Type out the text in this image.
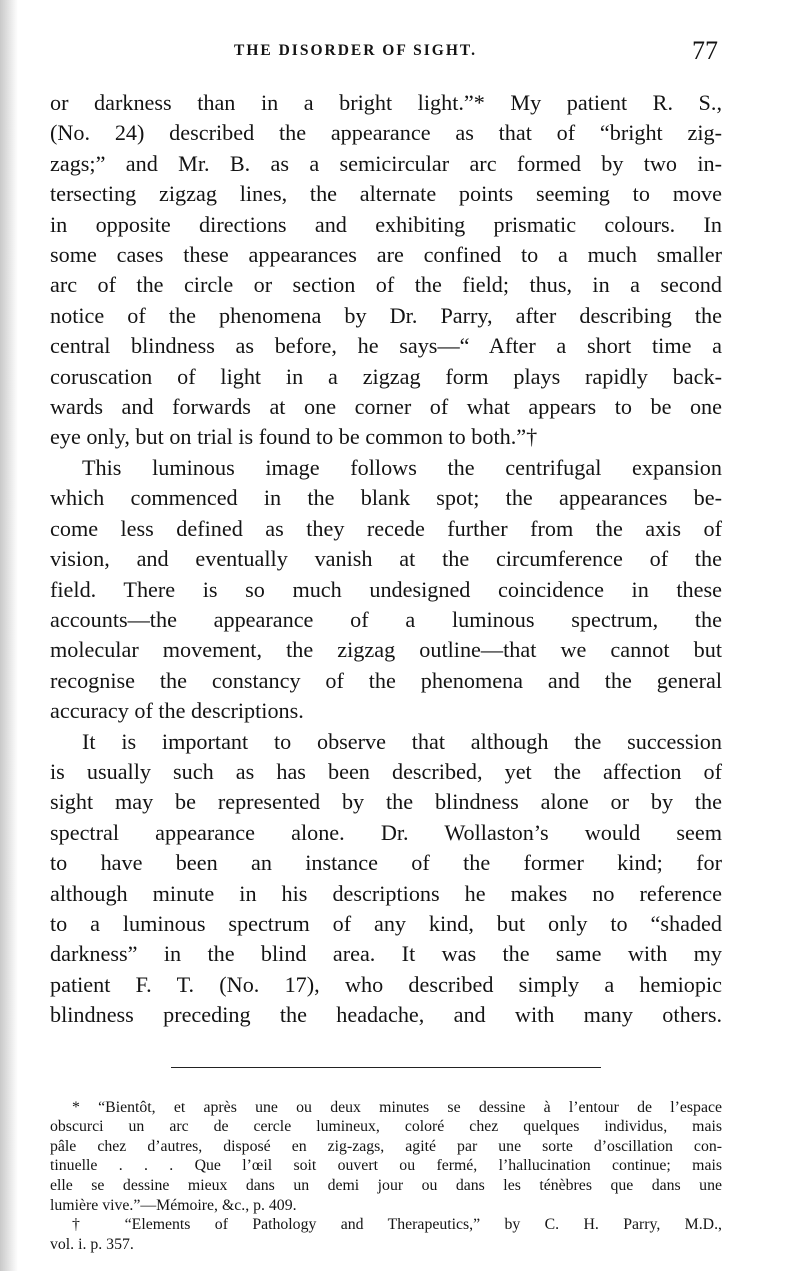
THE DISORDER OF SIGHT.	77

or darkness than in a bright light.”* My patient R. S.,
(No. 24) described the appearance as that of “bright zig-
zags;” and Mr. B. as a semicircular arc formed by two in-
tersecting zigzag lines, the alternate points seeming to move
in opposite directions and exhibiting prismatic colours. In
some cases these appearances are confined to a much smaller
arc of the circle or section of the field; thus, in a second
notice of the phenomena by Dr. Parry, after describing the
central blindness as before, he says—“ After a short time a
coruscation of light in a zigzag form plays rapidly back-
wards and forwards at one corner of what appears to be one
eye only, but on trial is found to be common to both.”†

This luminous image follows the centrifugal expansion
which commenced in the blank spot; the appearances be-
come less defined as they recede further from the axis of
vision, and eventually vanish at the circumference of the
field. There is so much undesigned coincidence in these
accounts—the appearance of a luminous spectrum, the
molecular movement, the zigzag outline—that we cannot but
recognise the constancy of the phenomena and the general
accuracy of the descriptions.

It is important to observe that although the succession
is usually such as has been described, yet the affection of
sight may be represented by the blindness alone or by the
spectral appearance alone. Dr. Wollaston’s would seem
to have been an instance of the former kind; for
although minute in his descriptions he makes no reference
to a luminous spectrum of any kind, but only to “shaded
darkness” in the blind area. It was the same with my
patient F. T. (No. 17), who described simply a hemiopic
blindness preceding the headache, and with many others.

* “Bientôt, et après une ou deux minutes se dessine à l’entour de l’espace
obscurci un arc de cercle lumineux, coloré chez quelques individus, mais
pâle chez d’autres, disposé en zig-zags, agité par une sorte d’oscillation con-
tinuelle . . . Que l’œil soit ouvert ou fermé, l’hallucination continue; mais
elle se dessine mieux dans un demi jour ou dans les ténèbres que dans une
lumière vive.”—Mémoire, &c., p. 409.
† “Elements of Pathology and Therapeutics,” by C. H. Parry, M.D.,
vol. i. p. 357.
